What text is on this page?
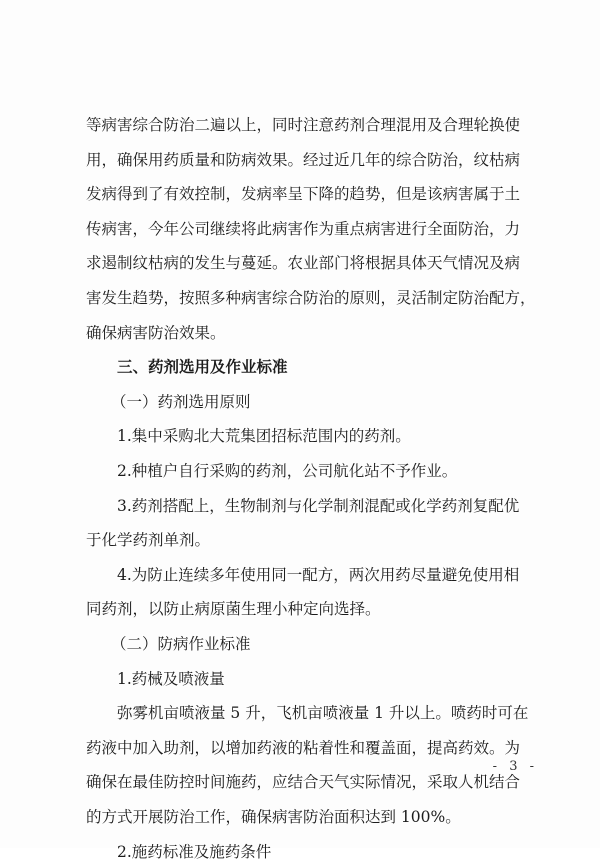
等病害综合防治二遍以上，同时注意药剂合理混用及合理轮换使
用，确保用药质量和防病效果。经过近几年的综合防治，纹枯病
发病得到了有效控制，发病率呈下降的趋势，但是该病害属于土
传病害，今年公司继续将此病害作为重点病害进行全面防治，力
求遏制纹枯病的发生与蔓延。农业部门将根据具体天气情况及病
害发生趋势，按照多种病害综合防治的原则，灵活制定防治配方，
确保病害防治效果。
三、药剂选用及作业标准
（一）药剂选用原则
1.集中采购北大荒集团招标范围内的药剂。
2.种植户自行采购的药剂，公司航化站不予作业。
3.药剂搭配上，生物制剂与化学制剂混配或化学药剂复配优
于化学药剂单剂。
4.为防止连续多年使用同一配方，两次用药尽量避免使用相
同药剂，以防止病原菌生理小种定向选择。
（二）防病作业标准
1.药械及喷液量
弥雾机亩喷液量 5 升，飞机亩喷液量 1 升以上。喷药时可在
药液中加入助剂，以增加药液的粘着性和覆盖面，提高药效。为
确保在最佳防控时间施药，应结合天气实际情况，采取人机结合
的方式开展防治工作，确保病害防治面积达到 100%。
- 3 -
2.施药标准及施药条件
